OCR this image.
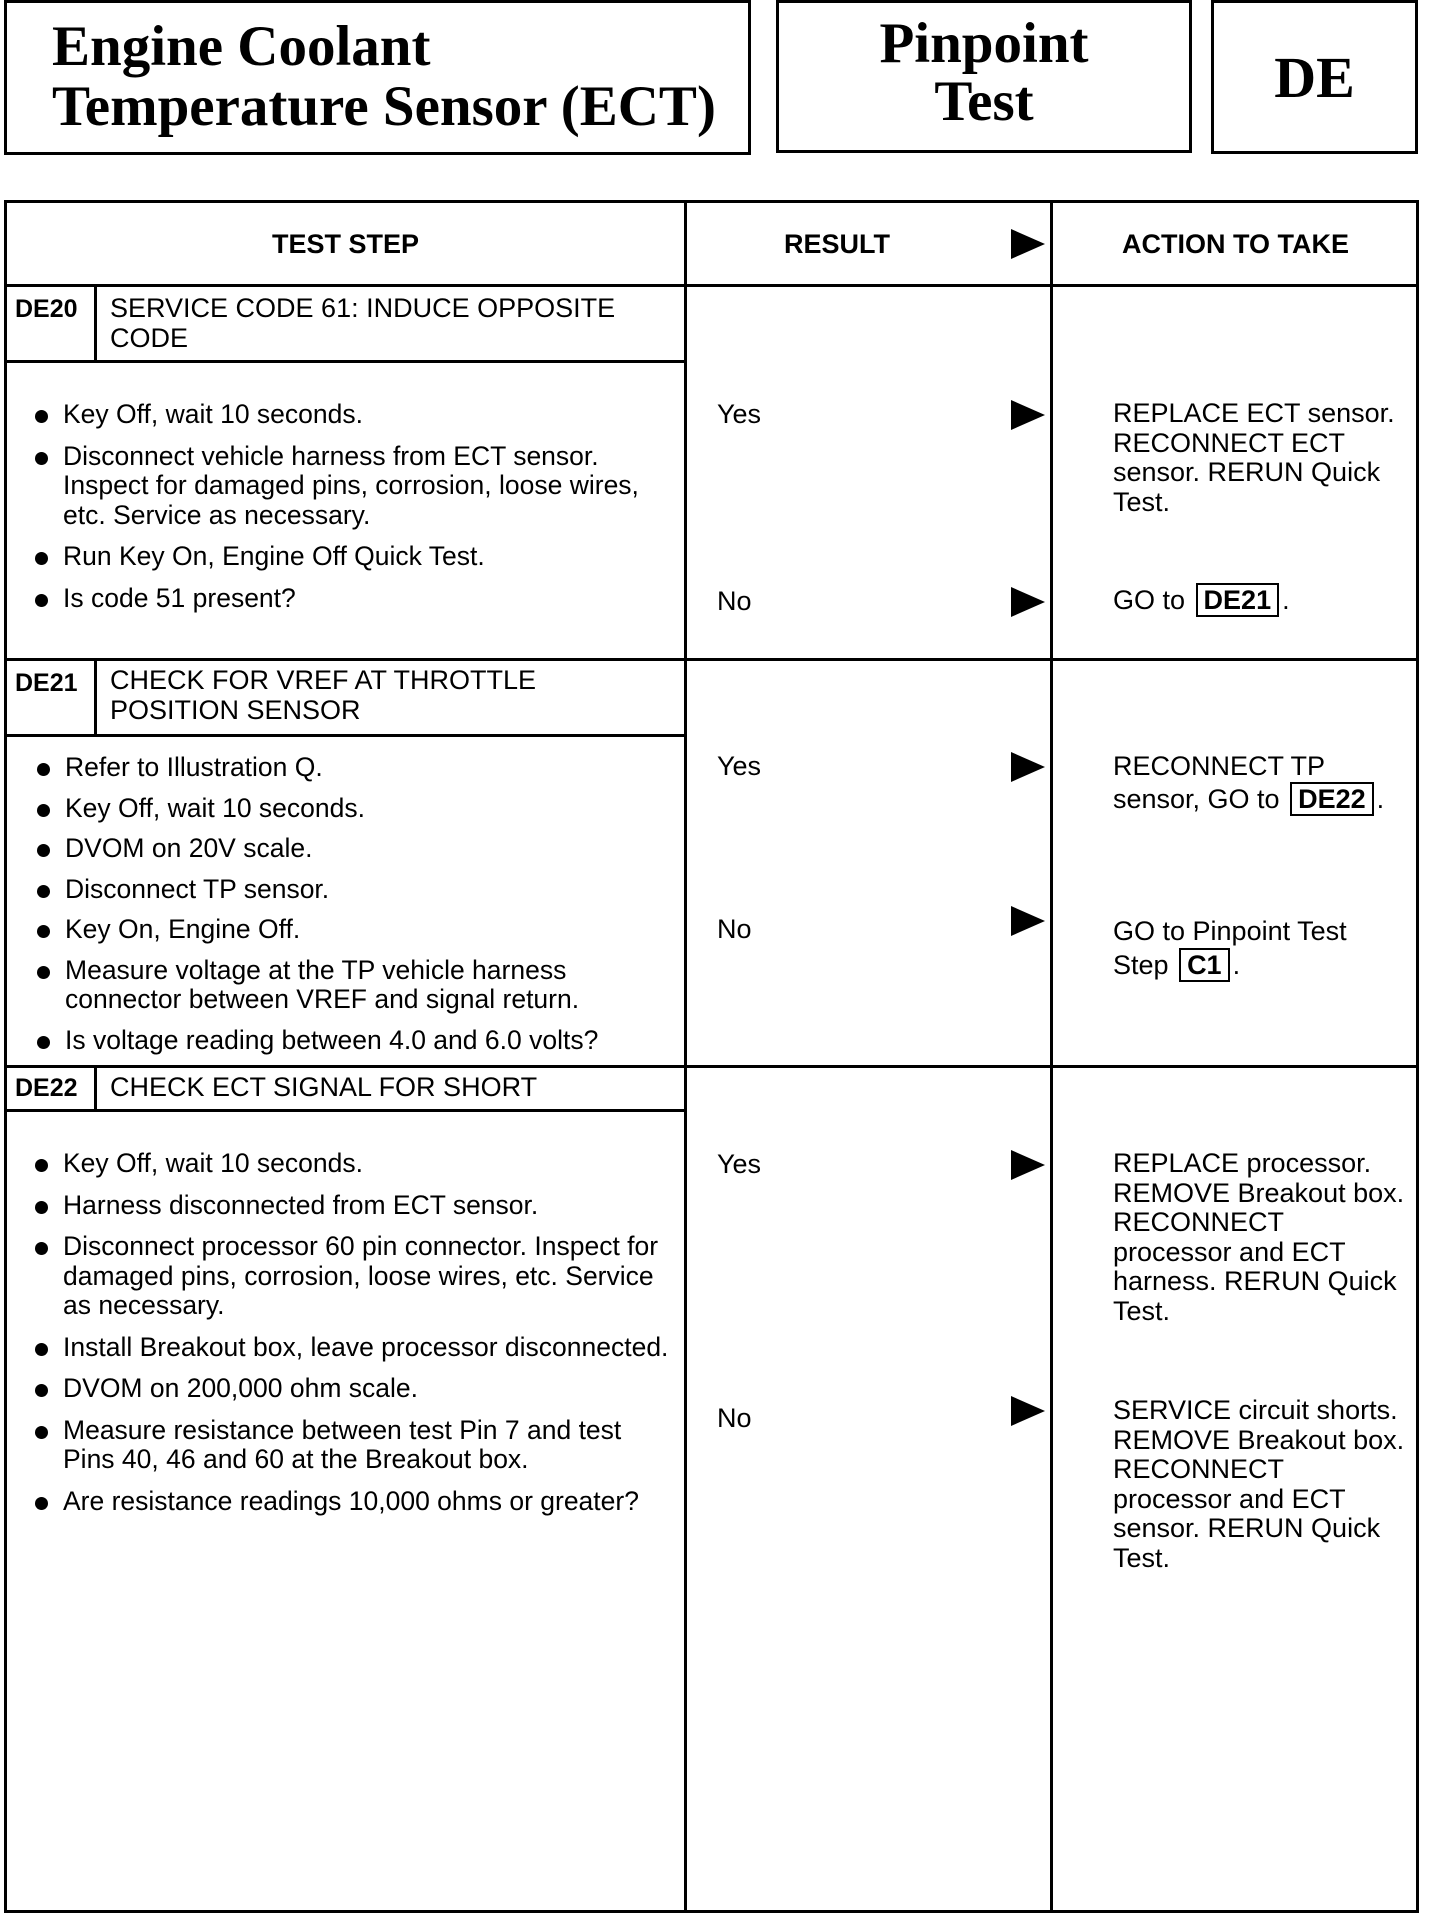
Engine Coolant
Temperature Sensor (ECT)
Pinpoint
Test	DE
TEST STEP	RESULT	ACTION TO TAKE
DE20 SERVICE CODE 61: INDUCE OPPOSITE CODE
Key Off, wait 10 seconds.
Disconnect vehicle harness from ECT sensor. Inspect for damaged pins, corrosion, loose wires, etc. Service as necessary.
Run Key On, Engine Off Quick Test.
Is code 51 present?
Yes	REPLACE ECT sensor. RECONNECT ECT sensor. RERUN Quick Test.
No	GO to DE21 .
DE21 CHECK FOR VREF AT THROTTLE POSITION SENSOR
Refer to Illustration Q.
Key Off, wait 10 seconds.
DVOM on 20V scale.
Disconnect TP sensor.
Key On, Engine Off.
Measure voltage at the TP vehicle harness connector between VREF and signal return.
Is voltage reading between 4.0 and 6.0 volts?
Yes	RECONNECT TP sensor, GO to DE22 .
No	GO to Pinpoint Test Step C1 .
DE22 CHECK ECT SIGNAL FOR SHORT
Key Off, wait 10 seconds.
Harness disconnected from ECT sensor.
Disconnect processor 60 pin connector. Inspect for damaged pins, corrosion, loose wires, etc. Service as necessary.
Install Breakout box, leave processor disconnected.
DVOM on 200,000 ohm scale.
Measure resistance between test Pin 7 and test Pins 40, 46 and 60 at the Breakout box.
Are resistance readings 10,000 ohms or greater?
Yes	REPLACE processor. REMOVE Breakout box. RECONNECT processor and ECT harness. RERUN Quick Test.
No	SERVICE circuit shorts. REMOVE Breakout box. RECONNECT processor and ECT sensor. RERUN Quick Test.
